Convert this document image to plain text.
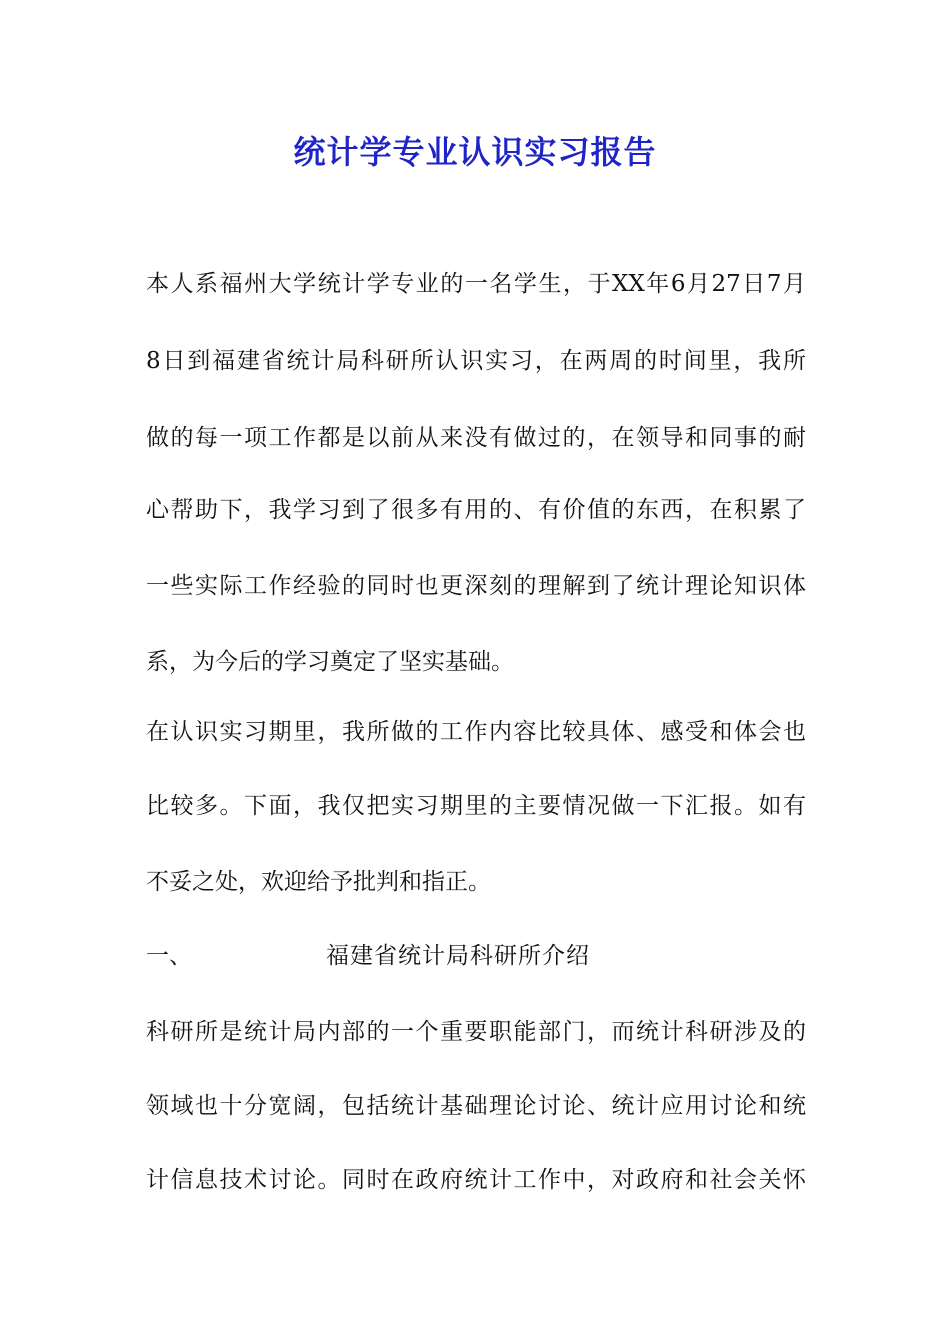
统计学专业认识实习报告

本人系福州大学统计学专业的一名学生，于XX年6月27日7月

8日到福建省统计局科研所认识实习，在两周的时间里，我所

做的每一项工作都是以前从来没有做过的，在领导和同事的耐

心帮助下，我学习到了很多有用的、有价值的东西，在积累了

一些实际工作经验的同时也更深刻的理解到了统计理论知识体

系，为今后的学习奠定了坚实基础。

在认识实习期里，我所做的工作内容比较具体、感受和体会也

比较多。下面，我仅把实习期里的主要情况做一下汇报。如有

不妥之处，欢迎给予批判和指正。

一、	福建省统计局科研所介绍

科研所是统计局内部的一个重要职能部门，而统计科研涉及的

领域也十分宽阔，包括统计基础理论讨论、统计应用讨论和统

计信息技术讨论。同时在政府统计工作中，对政府和社会关怀
